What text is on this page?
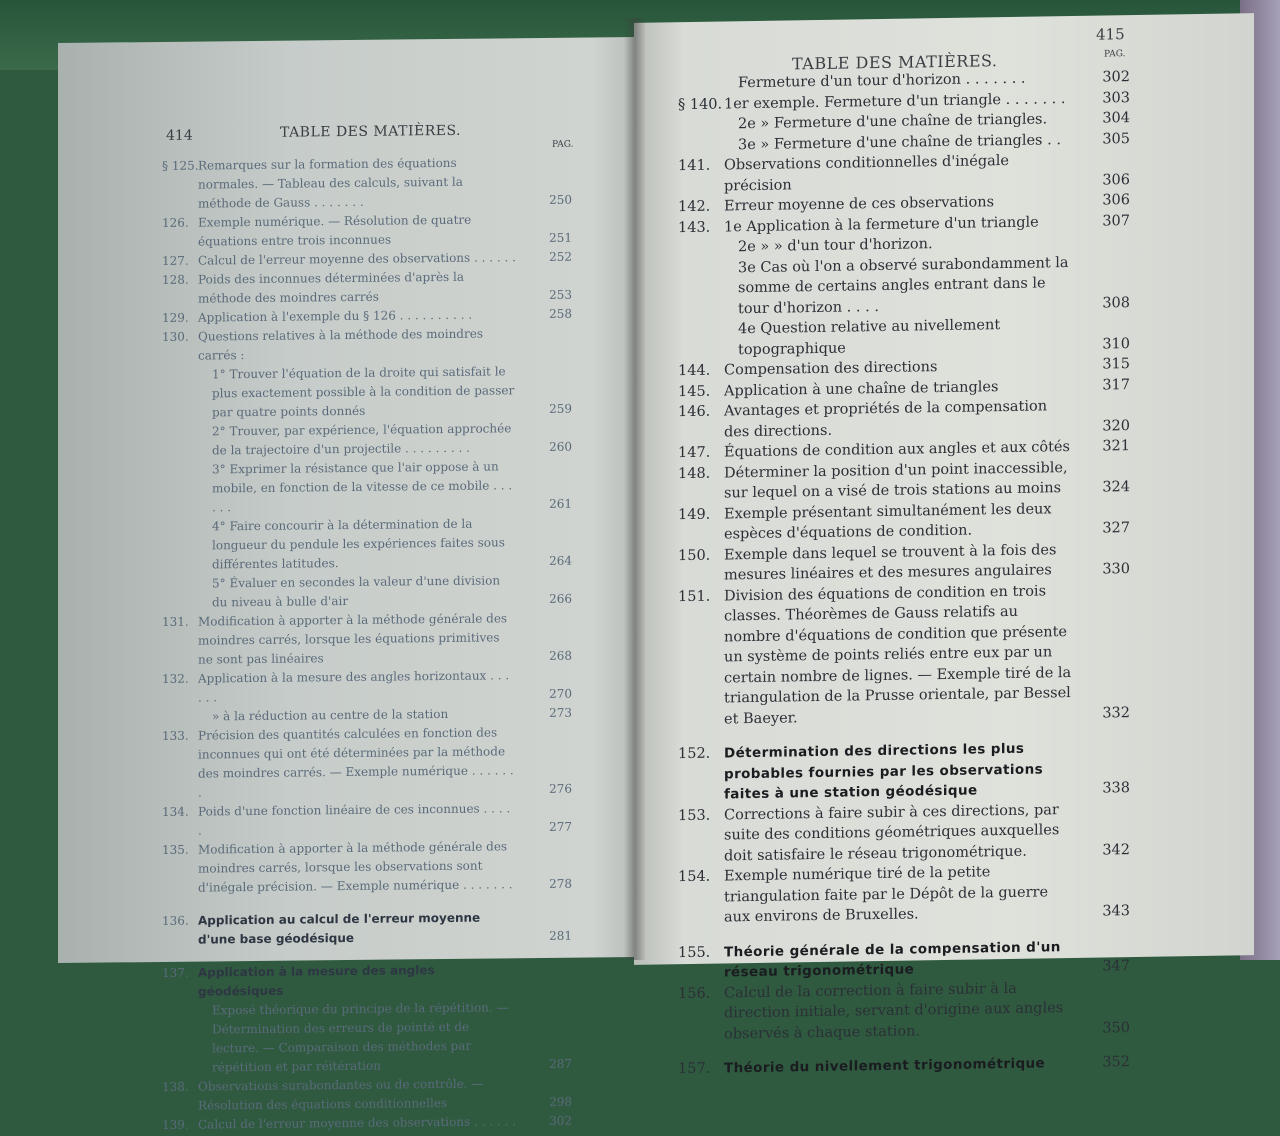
414	TABLE DES MATIÈRES.
PAG.
§ 125. Remarques sur la formation des équations normales. — Tableau des calculs, suivant la méthode de Gauss . . . . . . .	250
126. Exemple numérique. — Résolution de quatre équations entre trois inconnues	251
127. Calcul de l'erreur moyenne des observations . . . . . .	252
128. Poids des inconnues déterminées d'après la méthode des moindres carrés	253
129. Application à l'exemple du § 126 . . . . . . . . . .	258
130. Questions relatives à la méthode des moindres carrés :
1° Trouver l'équation de la droite qui satisfait le plus exactement possible à la condition de passer par quatre points donnés	259
2° Trouver, par expérience, l'équation approchée de la trajectoire d'un projectile . . . . . . . . .	260
3° Exprimer la résistance que l'air oppose à un mobile, en fonction de la vitesse de ce mobile . . . . . .	261
4° Faire concourir à la détermination de la longueur du pendule les expériences faites sous différentes latitudes.	264
5° Évaluer en secondes la valeur d'une division du niveau à bulle d'air	266
131. Modification à apporter à la méthode générale des moindres carrés, lorsque les équations primitives ne sont pas linéaires	268
132. Application à la mesure des angles horizontaux . . . . . .	270
» à la réduction au centre de la station	273
133. Précision des quantités calculées en fonction des inconnues qui ont été déterminées par la méthode des moindres carrés. — Exemple numérique . . . . . . .	276
134. Poids d'une fonction linéaire de ces inconnues . . . . .	277
135. Modification à apporter à la méthode générale des moindres carrés, lorsque les observations sont d'inégale précision. — Exemple numérique . . . . . . .	278
136. Application au calcul de l'erreur moyenne d'une base géodésique	281
137. Application à la mesure des angles géodésiques
Exposé théorique du principe de la répétition. — Détermination des erreurs de pointé et de lecture. — Comparaison des méthodes par répétition et par réitération	287
138. Observations surabondantes ou de contrôle. — Résolution des équations conditionnelles	298
139. Calcul de l'erreur moyenne des observations . . . . . .	302
TABLE DES MATIÈRES.
415
PAG.
Fermeture d'un tour d'horizon . . . . . . .	302
§ 140. 1er exemple. Fermeture d'un triangle . . . . . . .	303
2e » Fermeture d'une chaîne de triangles.	304
3e » Fermeture d'une chaîne de triangles . .	305
141. Observations conditionnelles d'inégale précision	306
142. Erreur moyenne de ces observations	306
143. 1e Application à la fermeture d'un triangle	307
2e » » d'un tour d'horizon.
3e Cas où l'on a observé surabondamment la somme de certains angles entrant dans le tour d'horizon . . . .	308
4e Question relative au nivellement topographique	310
144. Compensation des directions	315
145. Application à une chaîne de triangles	317
146. Avantages et propriétés de la compensation des directions.	320
147. Équations de condition aux angles et aux côtés	321
148. Déterminer la position d'un point inaccessible, sur lequel on a visé de trois stations au moins	324
149. Exemple présentant simultanément les deux espèces d'équations de condition.	327
150. Exemple dans lequel se trouvent à la fois des mesures linéaires et des mesures angulaires	330
151. Division des équations de condition en trois classes. Théorèmes de Gauss relatifs au nombre d'équations de condition que présente un système de points reliés entre eux par un certain nombre de lignes. — Exemple tiré de la triangulation de la Prusse orientale, par Bessel et Baeyer.	332
152.	Détermination des directions les plus probables fournies par les observations faites à une station géodésique	338
153. Corrections à faire subir à ces directions, par suite des conditions géométriques auxquelles doit satisfaire le réseau trigonométrique.	342
154. Exemple numérique tiré de la petite triangulation faite par le Dépôt de la guerre aux environs de Bruxelles.	343
155.	Théorie générale de la compensation d'un réseau trigonométrique	347
156. Calcul de la correction à faire subir à la direction initiale, servant d'origine aux angles observés à chaque station.	350
157.	Théorie du nivellement trigonométrique	352
